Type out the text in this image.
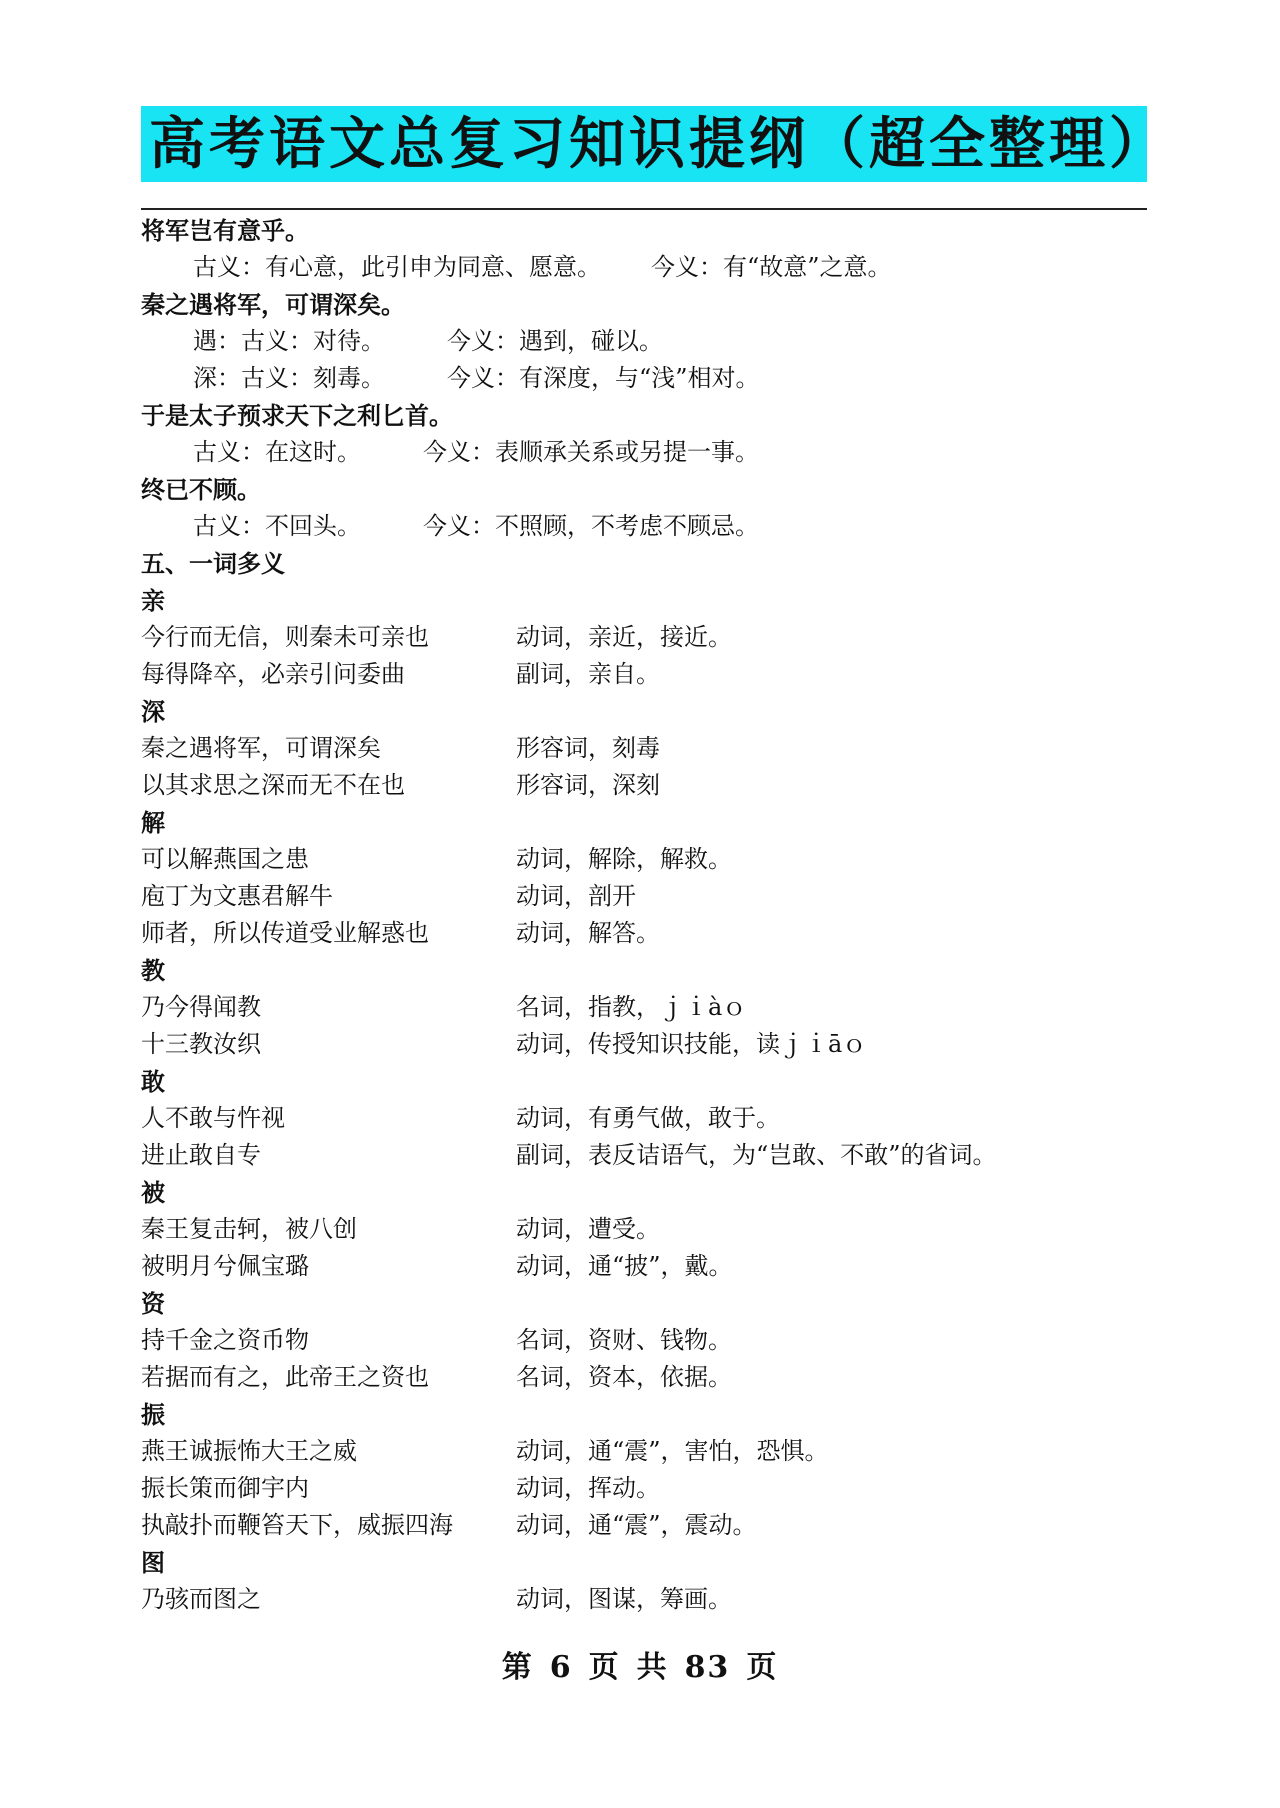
高考语文总复习知识提纲（超全整理）
将军岂有意乎。
古义：有心意，此引申为同意、愿意。 今义：有“故意”之意。
秦之遇将军，可谓深矣。
遇：古义：对待。	今义：遇到，碰以。
深：古义：刻毒。	今义：有深度，与“浅”相对。
于是太子预求天下之利匕首。
古义：在这时。	今义：表顺承关系或另提一事。
终已不顾。
古义：不回头。	今义：不照顾，不考虑不顾忌。
五、一词多义
亲
今行而无信，则秦未可亲也	动词，亲近，接近。
每得降卒，必亲引问委曲	副词，亲自。
深
秦之遇将军，可谓深矣	形容词，刻毒
以其求思之深而无不在也	形容词，深刻
解
可以解燕国之患	动词，解除，解救。
庖丁为文惠君解牛	动词，剖开
师者，所以传道受业解惑也	动词，解答。
教
乃今得闻教	名词，指教，ｊｉàｏ
十三教汝织	动词，传授知识技能，读ｊｉāｏ
敢
人不敢与忤视	动词，有勇气做，敢于。
进止敢自专	副词，表反诘语气，为“岂敢、不敢”的省词。
被
秦王复击轲，被八创	动词，遭受。
被明月兮佩宝璐	动词，通“披”，戴。
资
持千金之资币物	名词，资财、钱物。
若据而有之，此帝王之资也	名词，资本，依据。
振
燕王诚振怖大王之威	动词，通“震”，害怕，恐惧。
振长策而御宇内	动词，挥动。
执敲扑而鞭笞天下，威振四海	动词，通“震”，震动。
图
乃骇而图之	动词，图谋，筹画。
第 6 页 共 83 页
